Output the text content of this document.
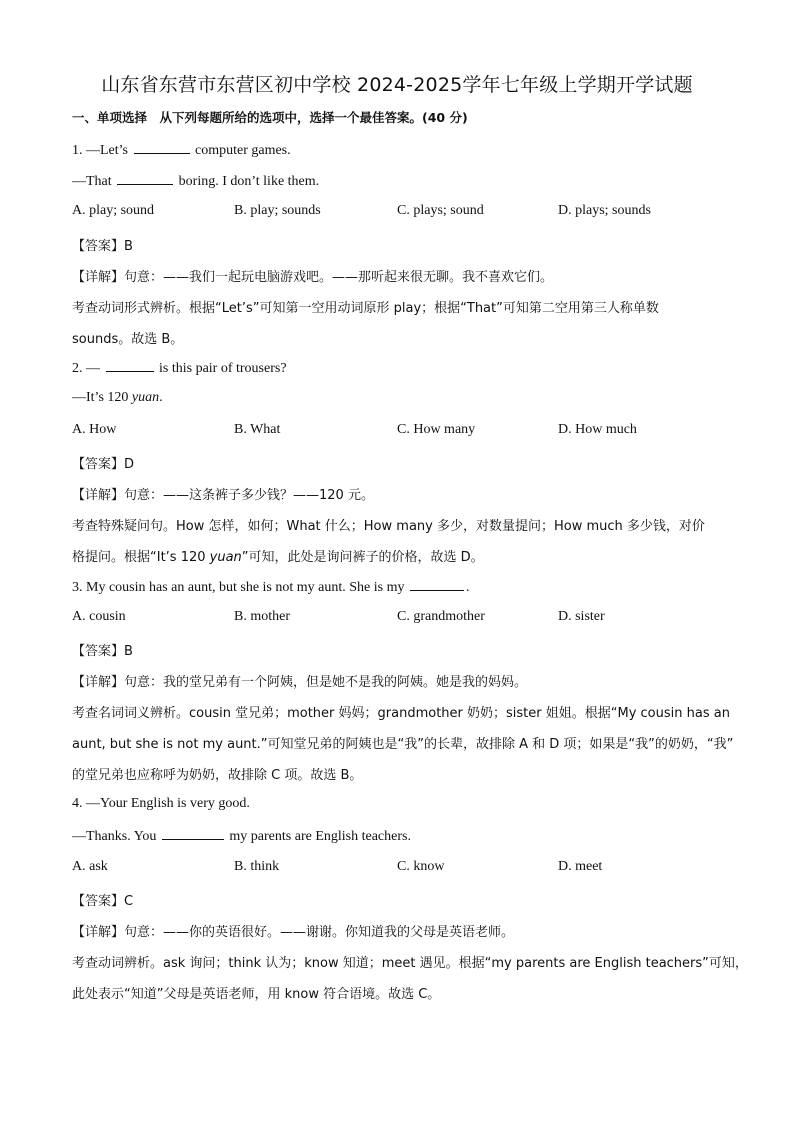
山东省东营市东营区初中学校 2024-2025学年七年级上学期开学试题
一、单项选择　从下列每题所给的选项中，选择一个最佳答案。(40 分)
1. —Let’s	computer games.
—That	boring. I don’t like them.
A. play; sound	B. play; sounds	C. plays; sound	D. plays; sounds
【答案】B
【详解】句意：——我们一起玩电脑游戏吧。——那听起来很无聊。我不喜欢它们。
考查动词形式辨析。根据“Let’s”可知第一空用动词原形 play；根据“That”可知第二空用第三人称单数
sounds。故选 B。
2. —	is this pair of trousers?
—It’s 120 yuan.
A. How	B. What	C. How many	D. How much
【答案】D
【详解】句意：——这条裤子多少钱？——120 元。
考查特殊疑问句。How 怎样，如何；What 什么；How many 多少，对数量提问；How much 多少钱，对价
格提问。根据“It’s 120 yuan”可知，此处是询问裤子的价格，故选 D。
3. My cousin has an aunt, but she is not my aunt. She is my	.
A. cousin	B. mother	C. grandmother	D. sister
【答案】B
【详解】句意：我的堂兄弟有一个阿姨，但是她不是我的阿姨。她是我的妈妈。
考查名词词义辨析。cousin 堂兄弟；mother 妈妈；grandmother 奶奶；sister 姐姐。根据“My cousin has an
aunt, but she is not my aunt.”可知堂兄弟的阿姨也是“我”的长辈，故排除 A 和 D 项；如果是“我”的奶奶，“我”
的堂兄弟也应称呼为奶奶，故排除 C 项。故选 B。
4. —Your English is very good.
—Thanks. You	my parents are English teachers.
A. ask	B. think	C. know	D. meet
【答案】C
【详解】句意：——你的英语很好。——谢谢。你知道我的父母是英语老师。
考查动词辨析。ask 询问；think 认为；know 知道；meet 遇见。根据“my parents are English teachers”可知，
此处表示“知道”父母是英语老师，用 know 符合语境。故选 C。
